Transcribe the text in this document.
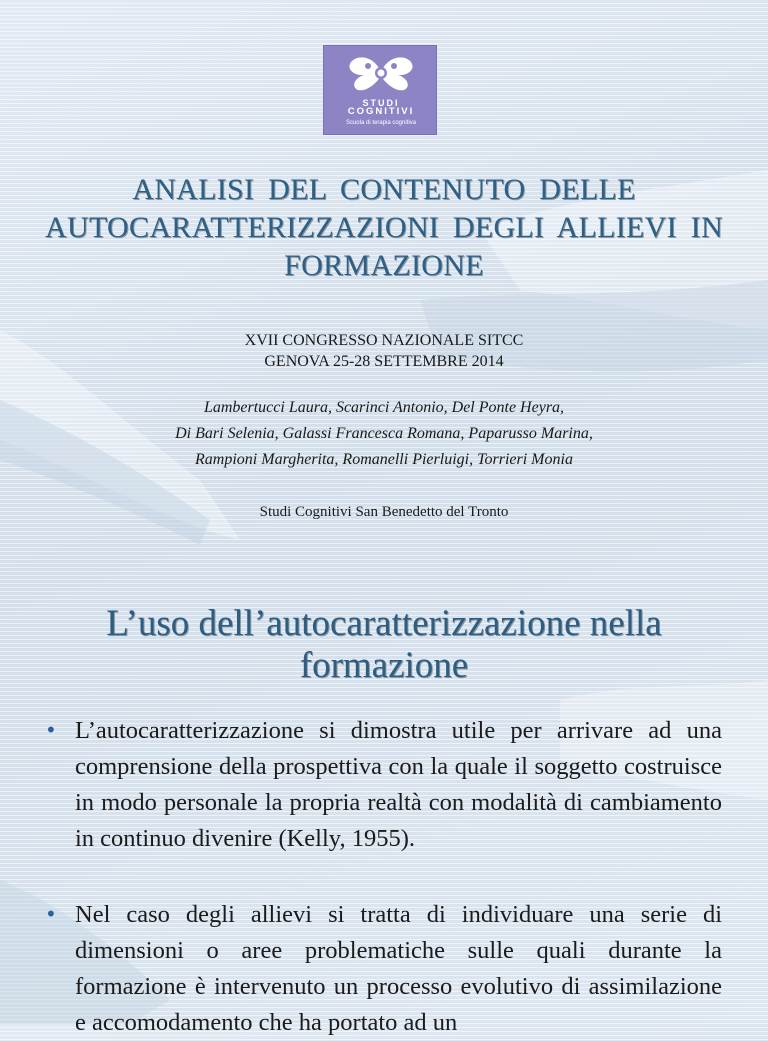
STUDI
COGNITIVI
Scuola di terapia cognitiva
ANALISI DEL CONTENUTO DELLE AUTOCARATTERIZZAZIONI DEGLI ALLIEVI IN FORMAZIONE
XVII CONGRESSO NAZIONALE SITCC
GENOVA 25-28 SETTEMBRE 2014
Lambertucci Laura, Scarinci Antonio, Del Ponte Heyra,
Di Bari Selenia, Galassi Francesca Romana, Paparusso Marina,
Rampioni Margherita, Romanelli Pierluigi, Torrieri Monia
Studi Cognitivi San Benedetto del Tronto
L’uso dell’autocaratterizzazione nella formazione
• L’autocaratterizzazione si dimostra utile per arrivare ad una comprensione della prospettiva con la quale il soggetto costruisce in modo personale la propria realtà con modalità di cambiamento in continuo divenire (Kelly, 1955).
• Nel caso degli allievi si tratta di individuare una serie di dimensioni o aree problematiche sulle quali durante la formazione è intervenuto un processo evolutivo di assimilazione e accomodamento che ha portato ad un
